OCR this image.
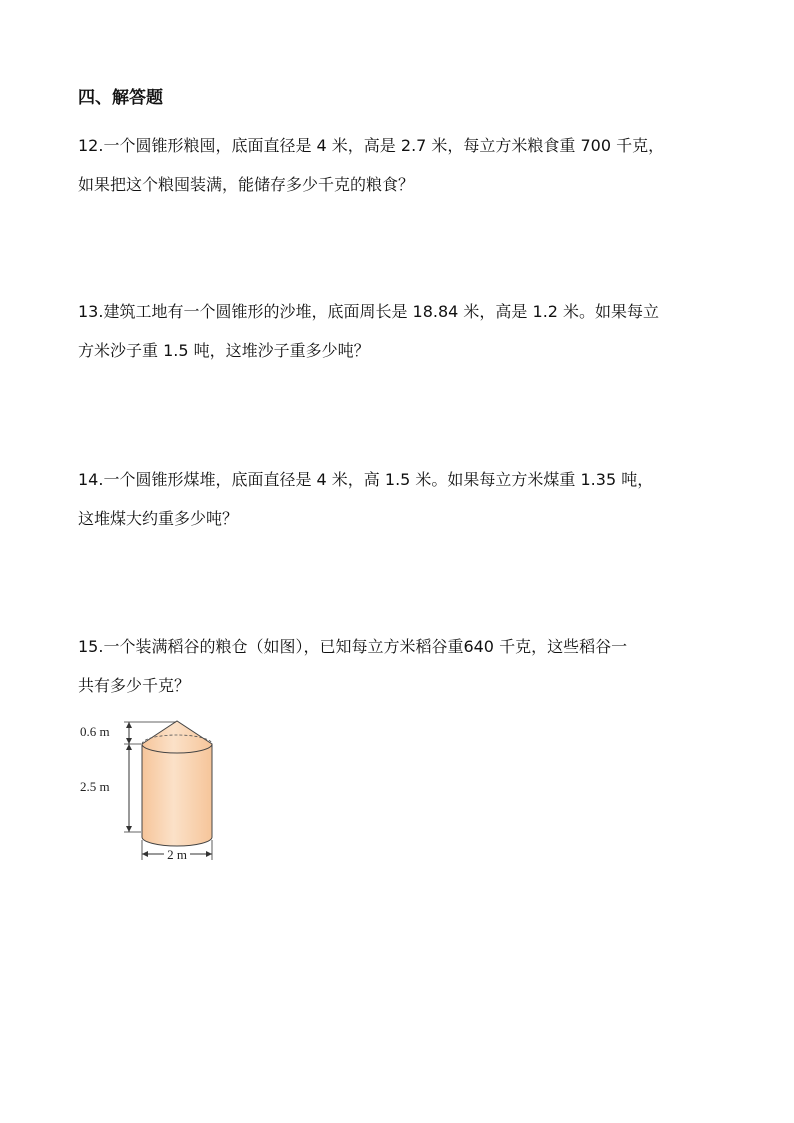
四、解答题
12.一个圆锥形粮囤，底面直径是 4 米，高是 2.7 米，每立方米粮食重 700 千克，
如果把这个粮囤装满，能储存多少千克的粮食？
13.建筑工地有一个圆锥形的沙堆，底面周长是 18.84 米，高是 1.2 米。如果每立
方米沙子重 1.5 吨，这堆沙子重多少吨？
14.一个圆锥形煤堆，底面直径是 4 米，高 1.5 米。如果每立方米煤重 1.35 吨，
这堆煤大约重多少吨？
15.一个装满稻谷的粮仓（如图），已知每立方米稻谷重640 千克，这些稻谷一
共有多少千克？
0.6 m
2.5 m
2 m
